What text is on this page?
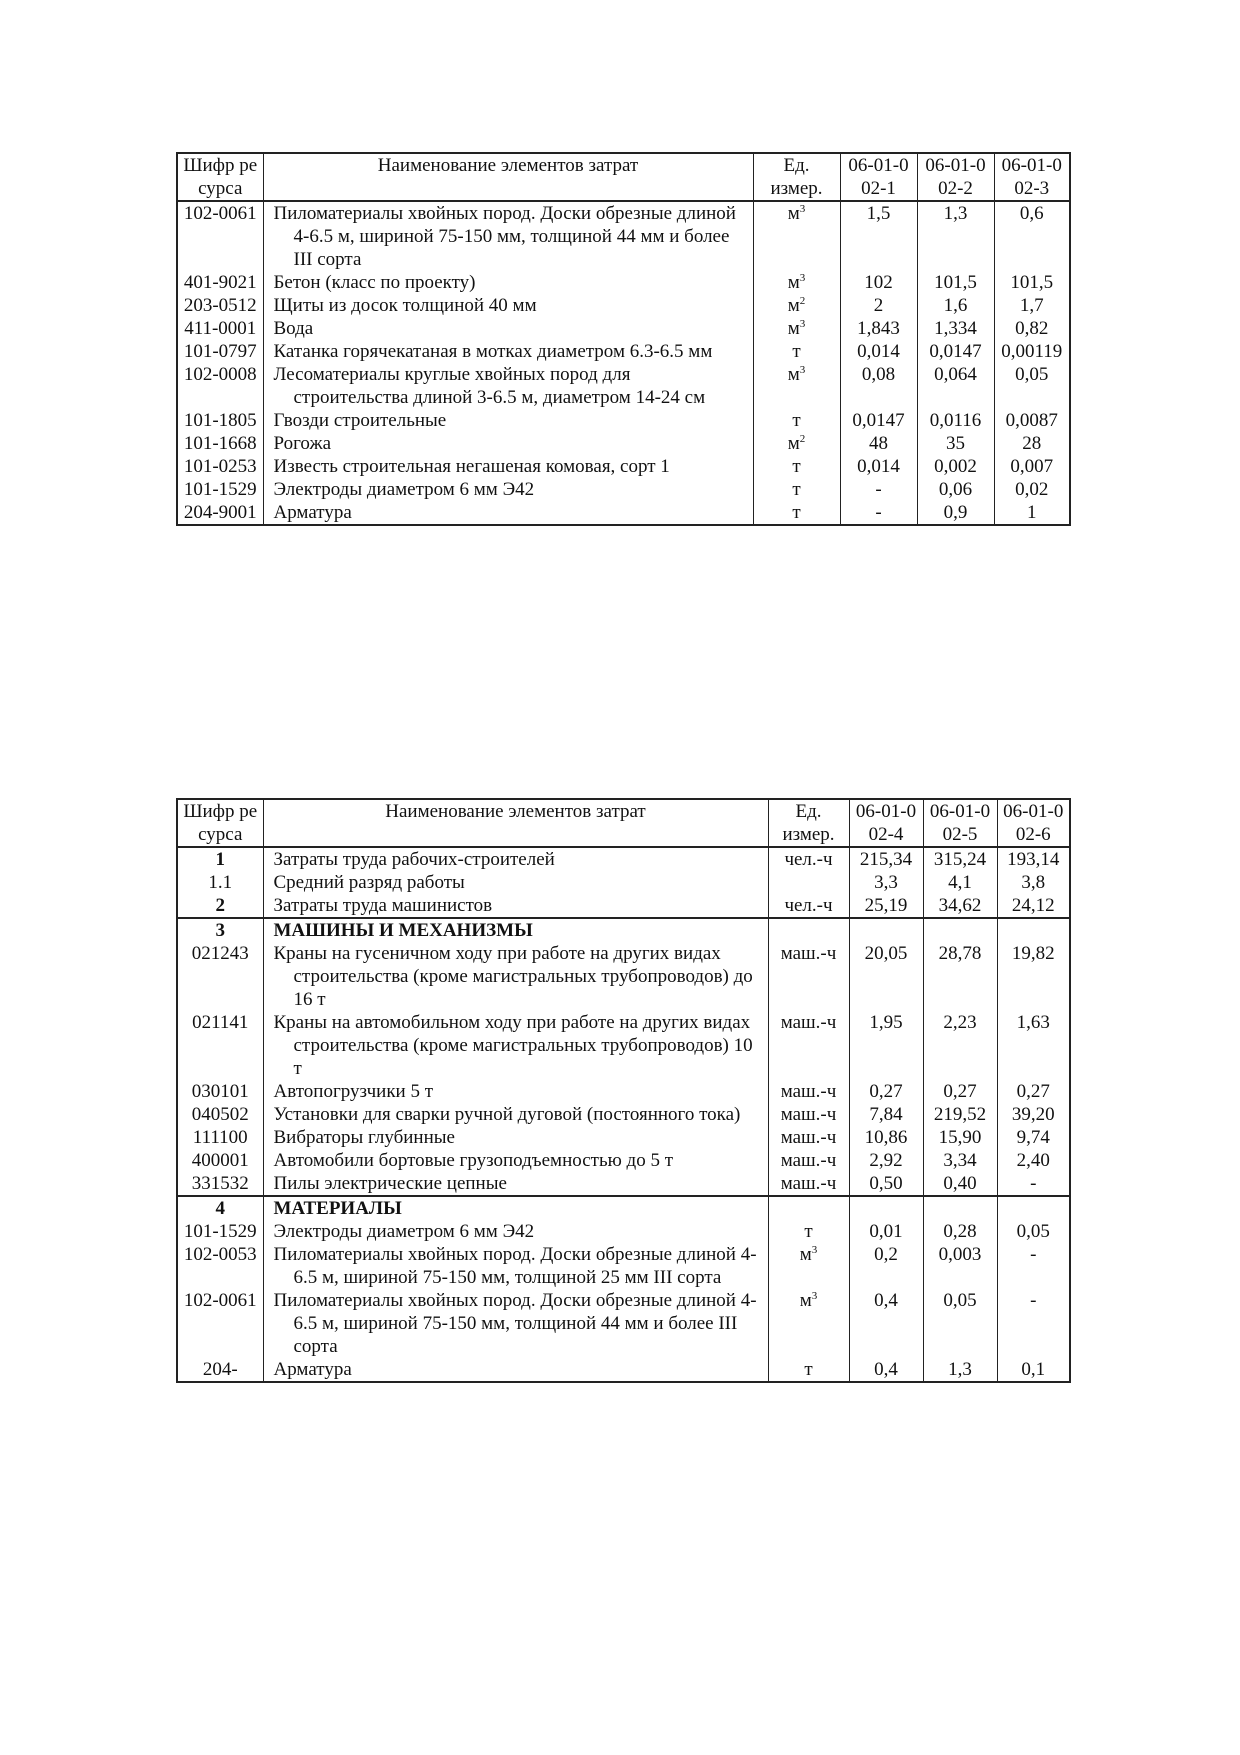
Шифр ресурса	Наименование элементов затрат	Ед. измер.	06-01-002-1	06-01-002-2	06-01-002-3
102-0061	Пиломатериалы хвойных пород. Доски обрезные длиной 4-6.5 м, шириной 75-150 мм, толщиной 44 мм и более III сорта	$м^3$	1,5	1,3	0,6
401-9021	Бетон (класс по проекту)	$м^3$	102	101,5	101,5
203-0512	Щиты из досок толщиной 40 мм	$м^2$	2	1,6	1,7
411-0001	Вода	$м^3$	1,843	1,334	0,82
101-0797	Катанка горячекатаная в мотках диаметром 6.3-6.5 мм	т	0,014	0,0147	0,00119
102-0008	Лесоматериалы круглые хвойных пород для строительства длиной 3-6.5 м, диаметром 14-24 см	$м^3$	0,08	0,064	0,05
101-1805	Гвозди строительные	т	0,0147	0,0116	0,0087
101-1668	Рогожа	$м^2$	48	35	28
101-0253	Известь строительная негашеная комовая, сорт 1	т	0,014	0,002	0,007
101-1529	Электроды диаметром 6 мм Э42	т	-	0,06	0,02
204-9001	Арматура	т	-	0,9	1
Шифр ресурса	Наименование элементов затрат	Ед. измер.	06-01-002-4	06-01-002-5	06-01-002-6
1	Затраты труда рабочих-строителей	чел.-ч	215,34	315,24	193,14
1.1	Средний разряд работы		3,3	4,1	3,8
2	Затраты труда машинистов	чел.-ч	25,19	34,62	24,12
3	МАШИНЫ И МЕХАНИЗМЫ				
021243	Краны на гусеничном ходу при работе на других видах строительства (кроме магистральных трубопроводов) до 16 т	маш.-ч	20,05	28,78	19,82
021141	Краны на автомобильном ходу при работе на других видах строительства (кроме магистральных трубопроводов) 10 т	маш.-ч	1,95	2,23	1,63
030101	Автопогрузчики 5 т	маш.-ч	0,27	0,27	0,27
040502	Установки для сварки ручной дуговой (постоянного тока)	маш.-ч	7,84	219,52	39,20
111100	Вибраторы глубинные	маш.-ч	10,86	15,90	9,74
400001	Автомобили бортовые грузоподъемностью до 5 т	маш.-ч	2,92	3,34	2,40
331532	Пилы электрические цепные	маш.-ч	0,50	0,40	-
4	МАТЕРИАЛЫ				
101-1529	Электроды диаметром 6 мм Э42	т	0,01	0,28	0,05
102-0053	Пиломатериалы хвойных пород. Доски обрезные длиной 4-6.5 м, шириной 75-150 мм, толщиной 25 мм III сорта	$м^3$	0,2	0,003	-
102-0061	Пиломатериалы хвойных пород. Доски обрезные длиной 4-6.5 м, шириной 75-150 мм, толщиной 44 мм и более III сорта	$м^3$	0,4	0,05	-
204-	Арматура	т	0,4	1,3	0,1
